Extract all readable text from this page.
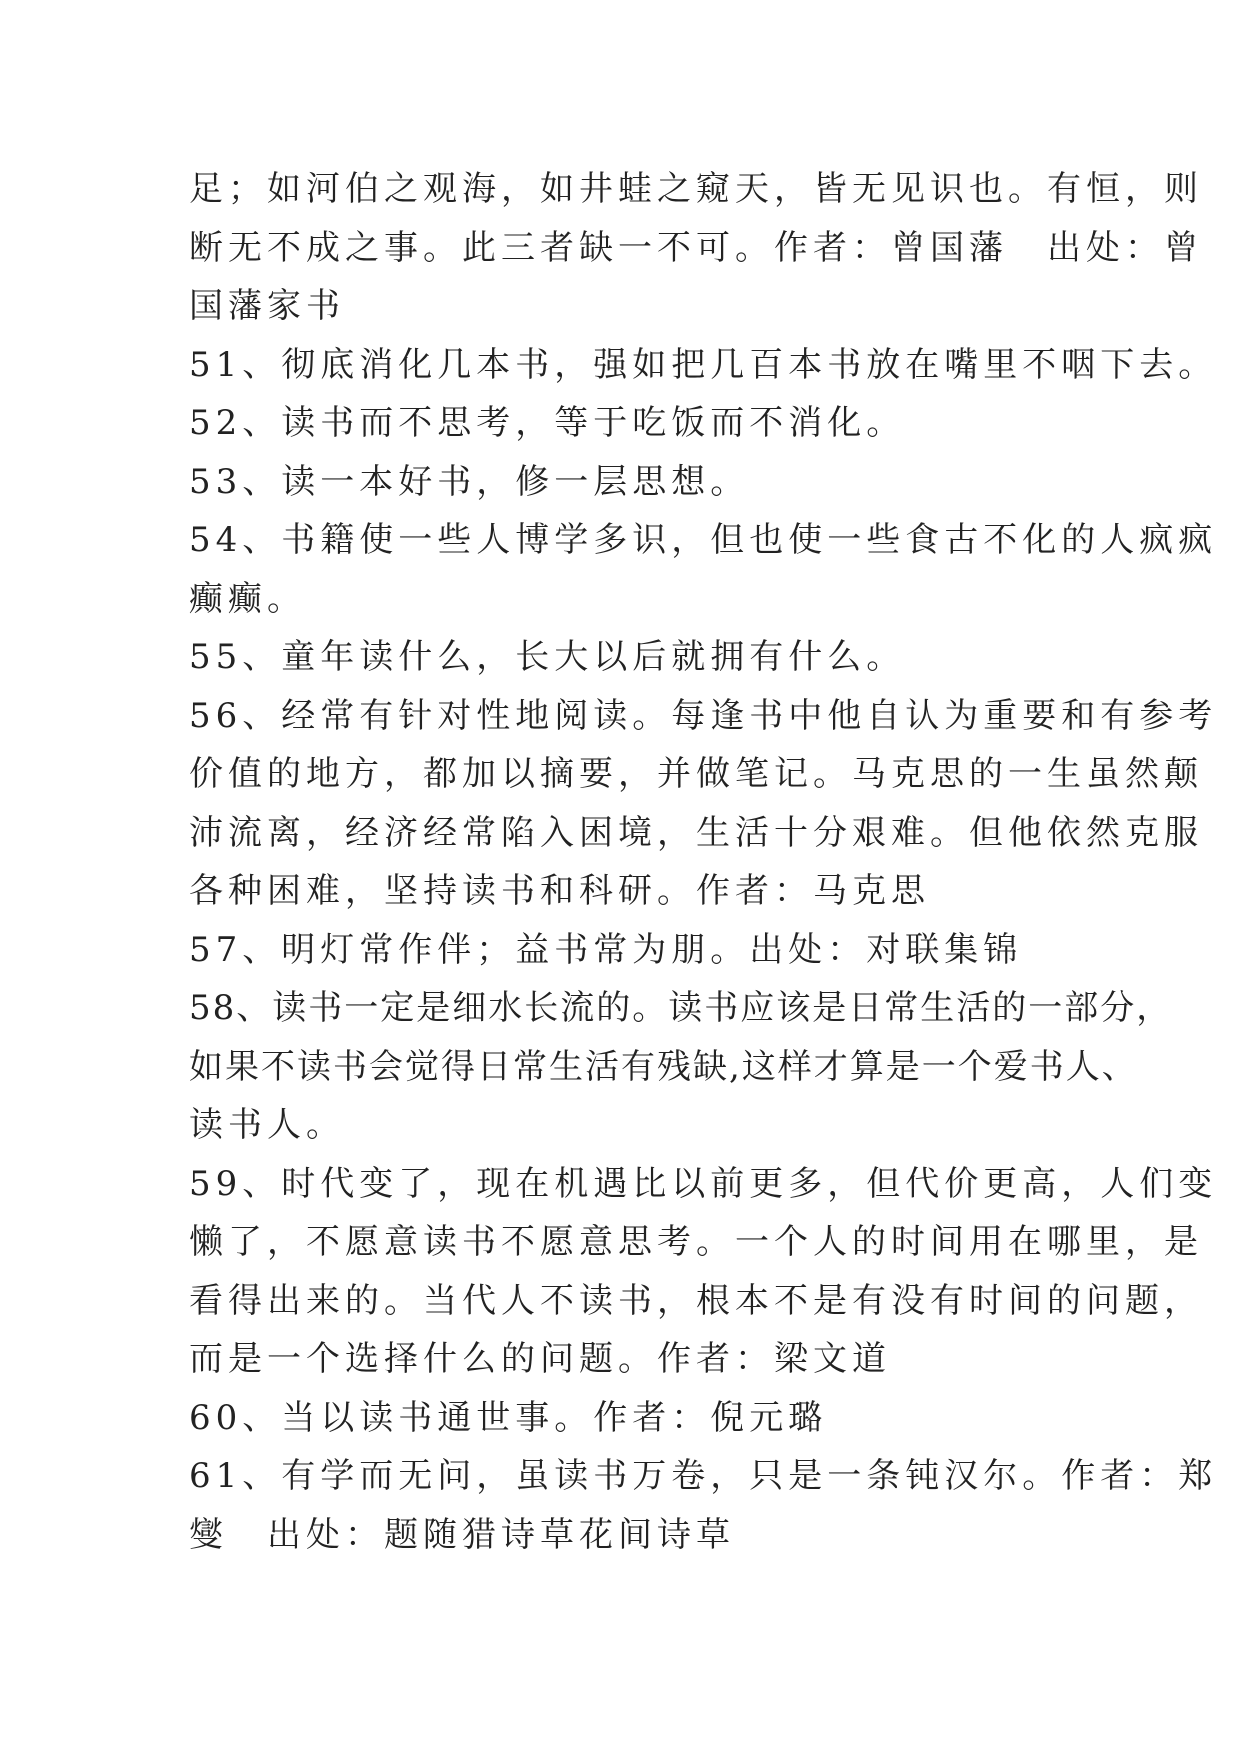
足；如河伯之观海，如井蛙之窥天，皆无见识也。有恒，则
断无不成之事。此三者缺一不可。作者：曾国藩　出处：曾
国藩家书
51、彻底消化几本书，强如把几百本书放在嘴里不咽下去。
52、读书而不思考，等于吃饭而不消化。
53、读一本好书，修一层思想。
54、书籍使一些人博学多识，但也使一些食古不化的人疯疯
癫癫。
55、童年读什么，长大以后就拥有什么。
56、经常有针对性地阅读。每逢书中他自认为重要和有参考
价值的地方，都加以摘要，并做笔记。马克思的一生虽然颠
沛流离，经济经常陷入困境，生活十分艰难。但他依然克服
各种困难，坚持读书和科研。作者：马克思
57、明灯常作伴；益书常为朋。出处：对联集锦
58、读书一定是细水长流的。读书应该是日常生活的一部分，
如果不读书会觉得日常生活有残缺,这样才算是一个爱书人、
读书人。
59、时代变了，现在机遇比以前更多，但代价更高，人们变
懒了，不愿意读书不愿意思考。一个人的时间用在哪里，是
看得出来的。当代人不读书，根本不是有没有时间的问题，
而是一个选择什么的问题。作者：梁文道
60、当以读书通世事。作者：倪元璐
61、有学而无问，虽读书万卷，只是一条钝汉尔。作者：郑
燮　出处：题随猎诗草花间诗草
